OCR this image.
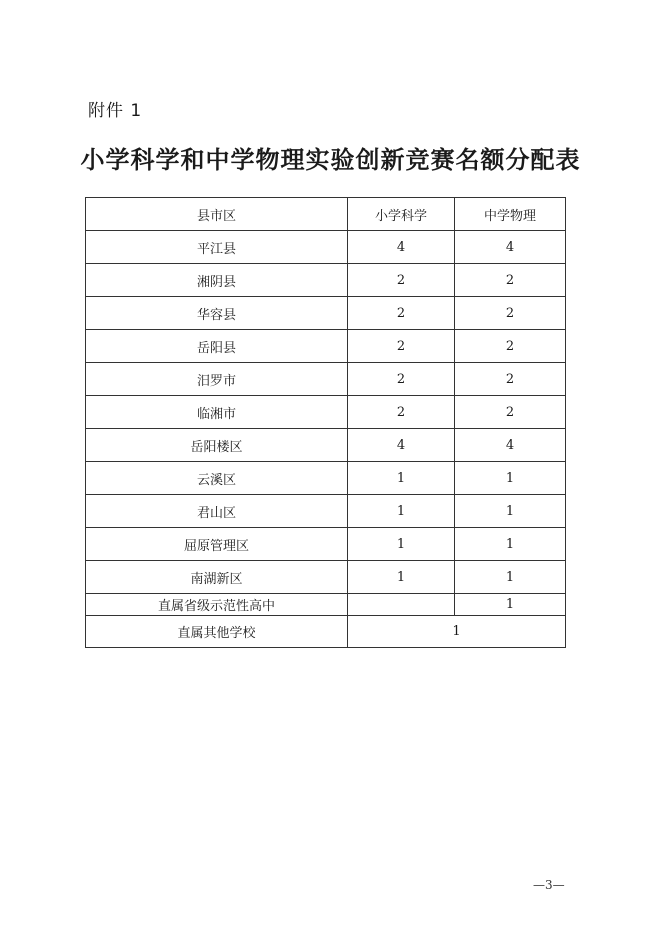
附件 1
小学科学和中学物理实验创新竞赛名额分配表
县市区	小学科学	中学物理
平江县	4	4
湘阴县	2	2
华容县	2	2
岳阳县	2	2
汨罗市	2	2
临湘市	2	2
岳阳楼区	4	4
云溪区	1	1
君山区	1	1
屈原管理区	1	1
南湖新区	1	1
直属省级示范性高中		1
直属其他学校	1	
—3—
